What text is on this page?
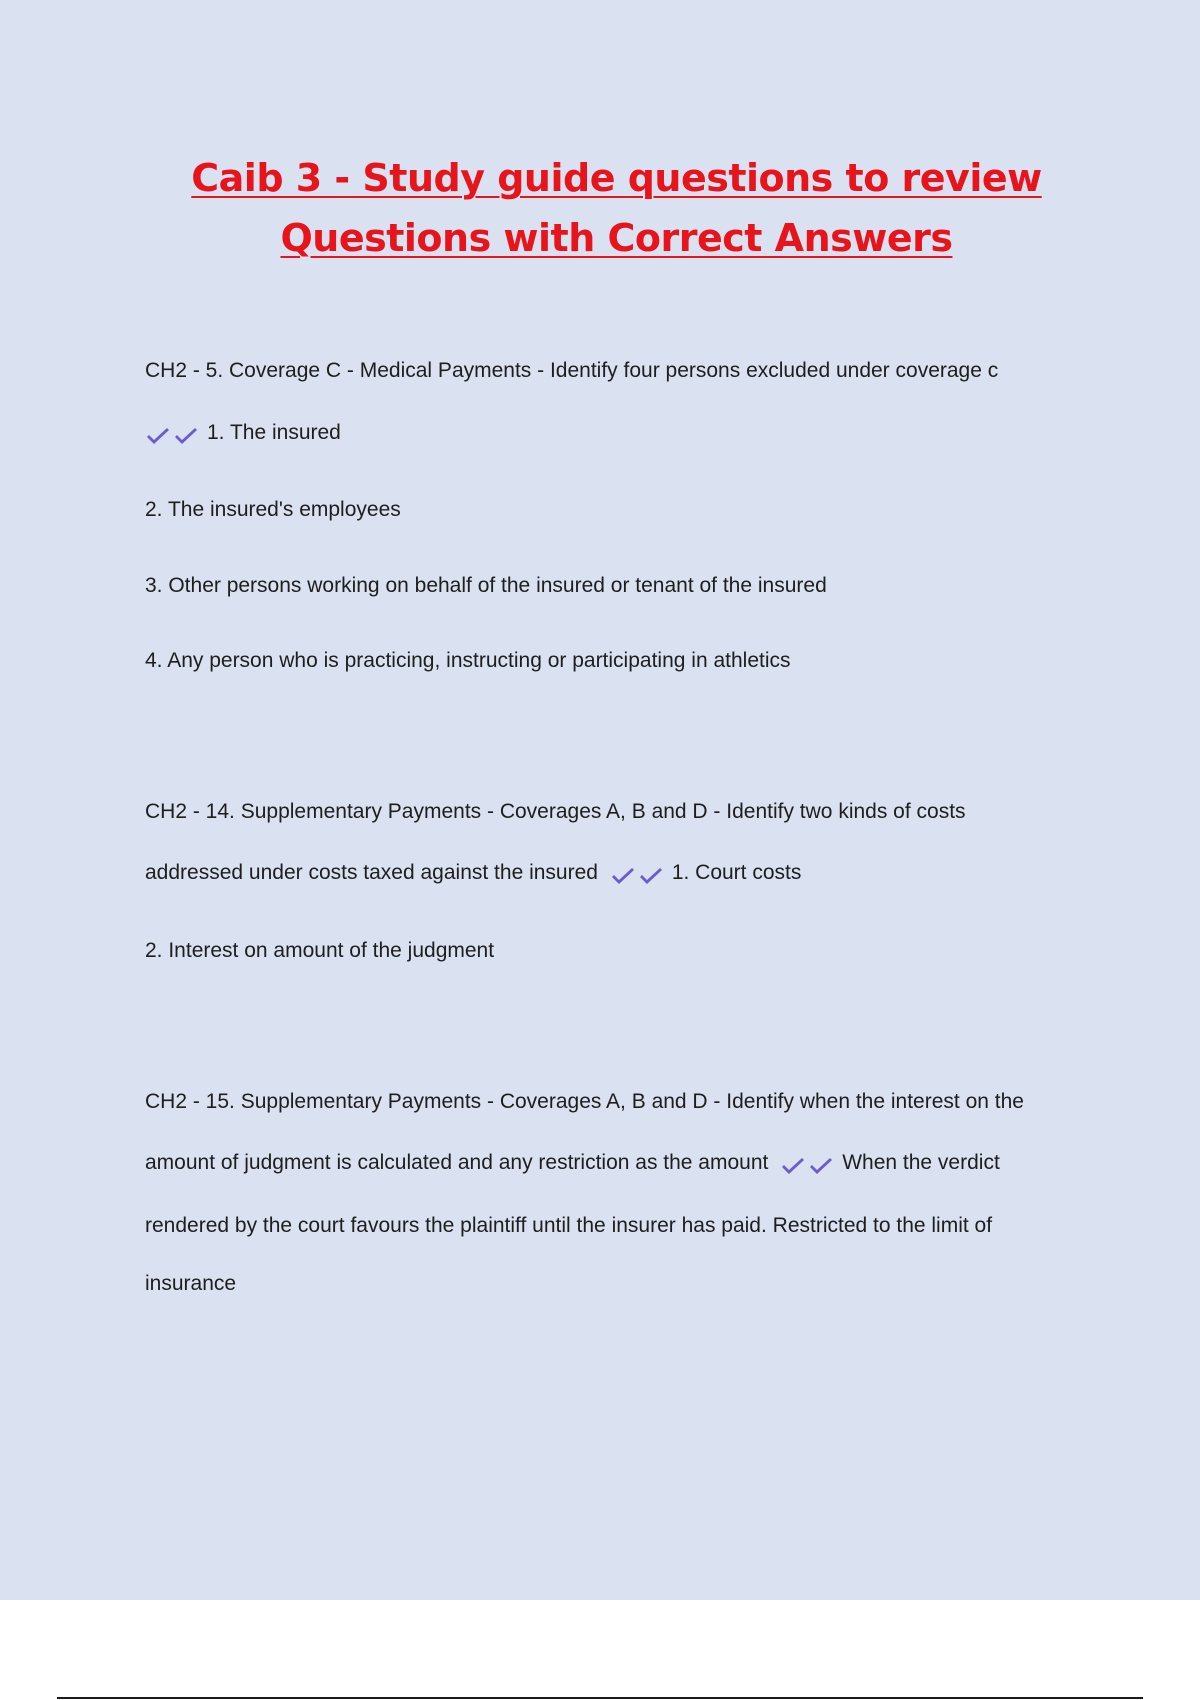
Caib 3 - Study guide questions to review
Questions with Correct Answers
CH2 - 5. Coverage C - Medical Payments - Identify four persons excluded under coverage c
1. The insured
2. The insured's employees
3. Other persons working on behalf of the insured or tenant of the insured
4. Any person who is practicing, instructing or participating in athletics
CH2 - 14. Supplementary Payments - Coverages A, B and D - Identify two kinds of costs
addressed under costs taxed against the insured	1. Court costs
2. Interest on amount of the judgment
CH2 - 15. Supplementary Payments - Coverages A, B and D - Identify when the interest on the
amount of judgment is calculated and any restriction as the amount	When the verdict
rendered by the court favours the plaintiff until the insurer has paid. Restricted to the limit of
insurance
